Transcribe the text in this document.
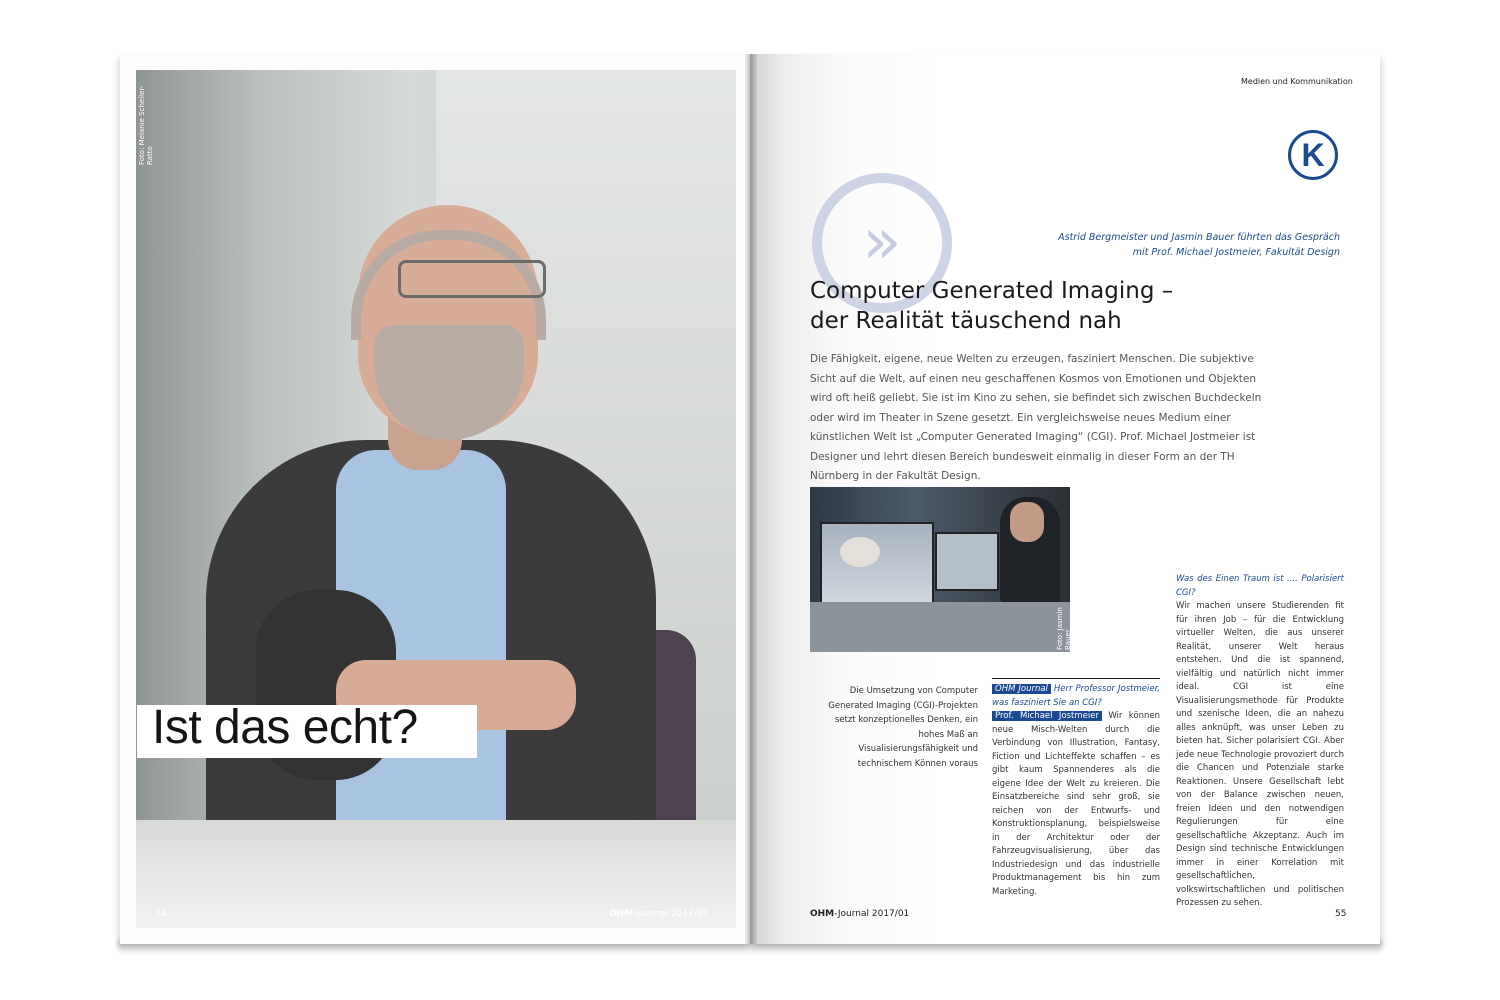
Foto: Melanie Scheiler-Ratto
Ist das echt?
54	OHM-Journal 2017/01
Medien und Kommunikation
K
»	Astrid Bergmeister und Jasmin Bauer führten das Gespräch mit Prof. Michael Jostmeier, Fakultät Design
Computer Generated Imaging –
der Realität täuschend nah
Die Fähigkeit, eigene, neue Welten zu erzeugen, fasziniert Menschen. Die subjektive Sicht auf die Welt, auf einen neu geschaffenen Kosmos von Emotionen und Objekten wird oft heiß geliebt. Sie ist im Kino zu sehen, sie befindet sich zwischen Buchdeckeln oder wird im Theater in Szene gesetzt. Ein vergleichsweise neues Medium einer künstlichen Welt ist „Computer Generated Imaging“ (CGI). Prof. Michael Jostmeier ist Designer und lehrt diesen Bereich bundesweit einmalig in dieser Form an der TH Nürnberg in der Fakultät Design.
Foto: Jasmin Bauer
Die Umsetzung von Computer Generated Imaging (CGI)-Projekten setzt konzeptionelles Denken, ein hohes Maß an Visualisierungsfähigkeit und technischem Können voraus
OHM Journal Herr Professor Jostmeier, was fasziniert Sie an CGI?
Prof. Michael Jostmeier Wir können neue Misch-Welten durch die Verbindung von Illustration, Fantasy, Fiction und Lichteffekte schaffen – es gibt kaum Spannenderes als die eigene Idee der Welt zu kreieren. Die Einsatzbereiche sind sehr groß, sie reichen von der Entwurfs- und Konstruktionsplanung, beispielsweise in der Architektur oder der Fahrzeugvisualisierung, über das Industriedesign und das industrielle Produktmanagement bis hin zum Marketing.
Was des Einen Traum ist .... Polarisiert CGI?
Wir machen unsere Studierenden fit für ihren Job – für die Entwicklung virtueller Welten, die aus unserer Realität, unserer Welt heraus entstehen. Und die ist spannend, vielfältig und natürlich nicht immer ideal. CGI ist eine Visualisierungsmethode für Produkte und szenische Ideen, die an nahezu alles anknüpft, was unser Leben zu bieten hat. Sicher polarisiert CGI. Aber jede neue Technologie provoziert durch die Chancen und Potenziale starke Reaktionen. Unsere Gesellschaft lebt von der Balance zwischen neuen, freien Ideen und den notwendigen Regulierungen für eine gesellschaftliche Akzeptanz. Auch im Design sind technische Entwicklungen immer in einer Korrelation mit gesellschaftlichen, volkswirtschaftlichen und politischen Prozessen zu sehen.
OHM-Journal 2017/01	55
